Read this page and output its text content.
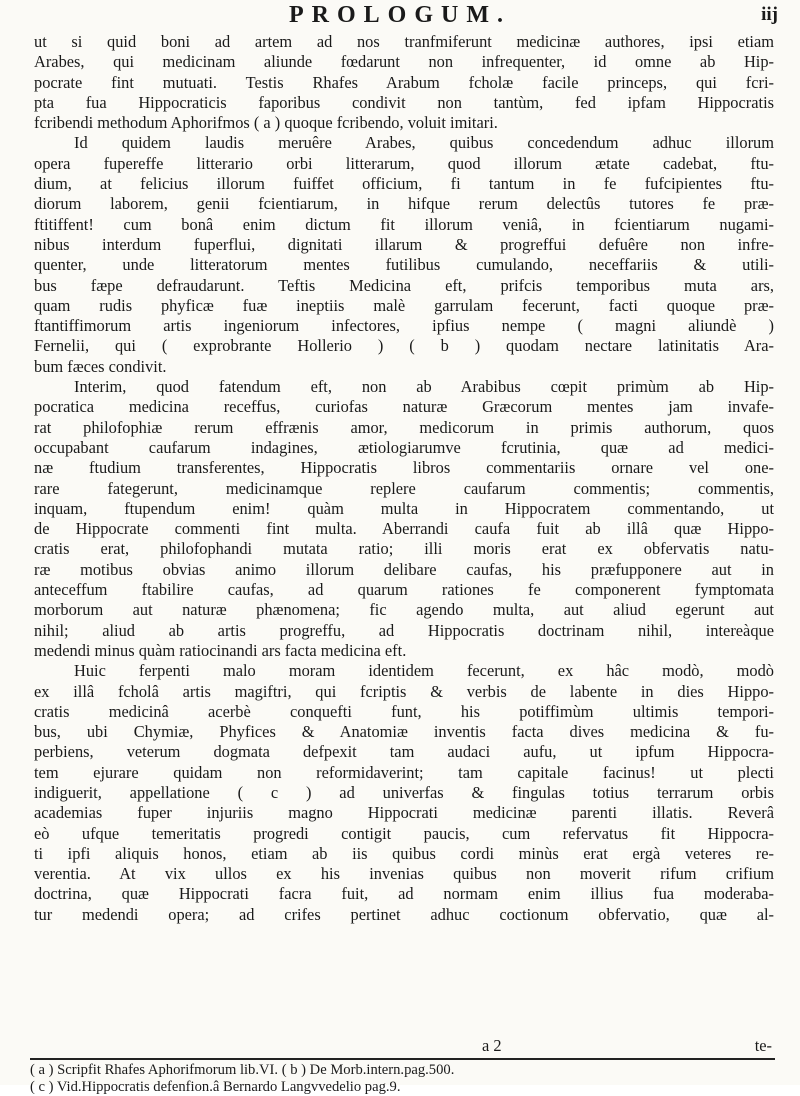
PROLOGUM.	iij
ut si quid boni ad artem ad nos tranfmiferunt medicinæ authores, ipsi etiam
Arabes, qui medicinam aliunde fœdarunt non infrequenter, id omne ab Hip-
pocrate fint mutuati. Testis Rhafes Arabum fcholæ facile princeps, qui fcri-
pta fua Hippocraticis faporibus condivit non tantùm, fed ipfam Hippocratis
fcribendi methodum Aphorifmos ( a ) quoque fcribendo, voluit imitari.
Id quidem laudis meruêre Arabes, quibus concedendum adhuc illorum
opera fupereffe litterario orbi litterarum, quod illorum ætate cadebat, ftu-
dium, at felicius illorum fuiffet officium, fi tantum in fe fufcipientes ftu-
diorum laborem, genii fcientiarum, in hifque rerum delectûs tutores fe præ-
ftitiffent! cum bonâ enim dictum fit illorum veniâ, in fcientiarum nugami-
nibus interdum fuperflui, dignitati illarum & progreffui defuêre non infre-
quenter, unde litteratorum mentes futilibus cumulando, neceffariis & utili-
bus fæpe defraudarunt. Teftis Medicina eft, prifcis temporibus muta ars,
quam rudis phyficæ fuæ ineptiis malè garrulam fecerunt, facti quoque præ-
ftantiffimorum artis ingeniorum infectores, ipfius nempe ( magni aliundè )
Fernelii, qui ( exprobrante Hollerio ) ( b ) quodam nectare latinitatis Ara-
bum fæces condivit.
Interim, quod fatendum eft, non ab Arabibus cœpit primùm ab Hip-
pocratica medicina receffus, curiofas naturæ Græcorum mentes jam invafe-
rat philofophiæ rerum effrænis amor, medicorum in primis authorum, quos
occupabant caufarum indagines, ætiologiarumve fcrutinia, quæ ad medici-
næ ftudium transferentes, Hippocratis libros commentariis ornare vel one-
rare fategerunt, medicinamque replere caufarum commentis; commentis,
inquam, ftupendum enim! quàm multa in Hippocratem commentando, ut
de Hippocrate commenti fint multa. Aberrandi caufa fuit ab illâ quæ Hippo-
cratis erat, philofophandi mutata ratio; illi moris erat ex obfervatis natu-
ræ motibus obvias animo illorum delibare caufas, his præfupponere aut in
anteceffum ftabilire caufas, ad quarum rationes fe componerent fymptomata
morborum aut naturæ phænomena; fic agendo multa, aut aliud egerunt aut
nihil; aliud ab artis progreffu, ad Hippocratis doctrinam nihil, intereàque
medendi minus quàm ratiocinandi ars facta medicina eft.
Huic ferpenti malo moram identidem fecerunt, ex hâc modò, modò
ex illâ fcholâ artis magiftri, qui fcriptis & verbis de labente in dies Hippo-
cratis medicinâ acerbè conquefti funt, his potiffimùm ultimis tempori-
bus, ubi Chymiæ, Phyfices & Anatomiæ inventis facta dives medicina & fu-
perbiens, veterum dogmata defpexit tam audaci aufu, ut ipfum Hippocra-
tem ejurare quidam non reformidaverint; tam capitale facinus! ut plecti
indiguerit, appellatione ( c ) ad univerfas & fingulas totius terrarum orbis
academias fuper injuriis magno Hippocrati medicinæ parenti illatis. Reverâ
eò ufque temeritatis progredi contigit paucis, cum refervatus fit Hippocra-
ti ipfi aliquis honos, etiam ab iis quibus cordi minùs erat ergà veteres re-
verentia. At vix ullos ex his invenias quibus non moverit rifum crifium
doctrina, quæ Hippocrati facra fuit, ad normam enim illius fua moderaba-
tur medendi opera; ad crifes pertinet adhuc coctionum obfervatio, quæ al-
a 2	te-
( a ) Scripfit Rhafes Aphorifmorum lib.VI. ( b ) De Morb.intern.pag.500.
( c ) Vid.Hippocratis defenfion.â Bernardo Langvvedelio pag.9.
